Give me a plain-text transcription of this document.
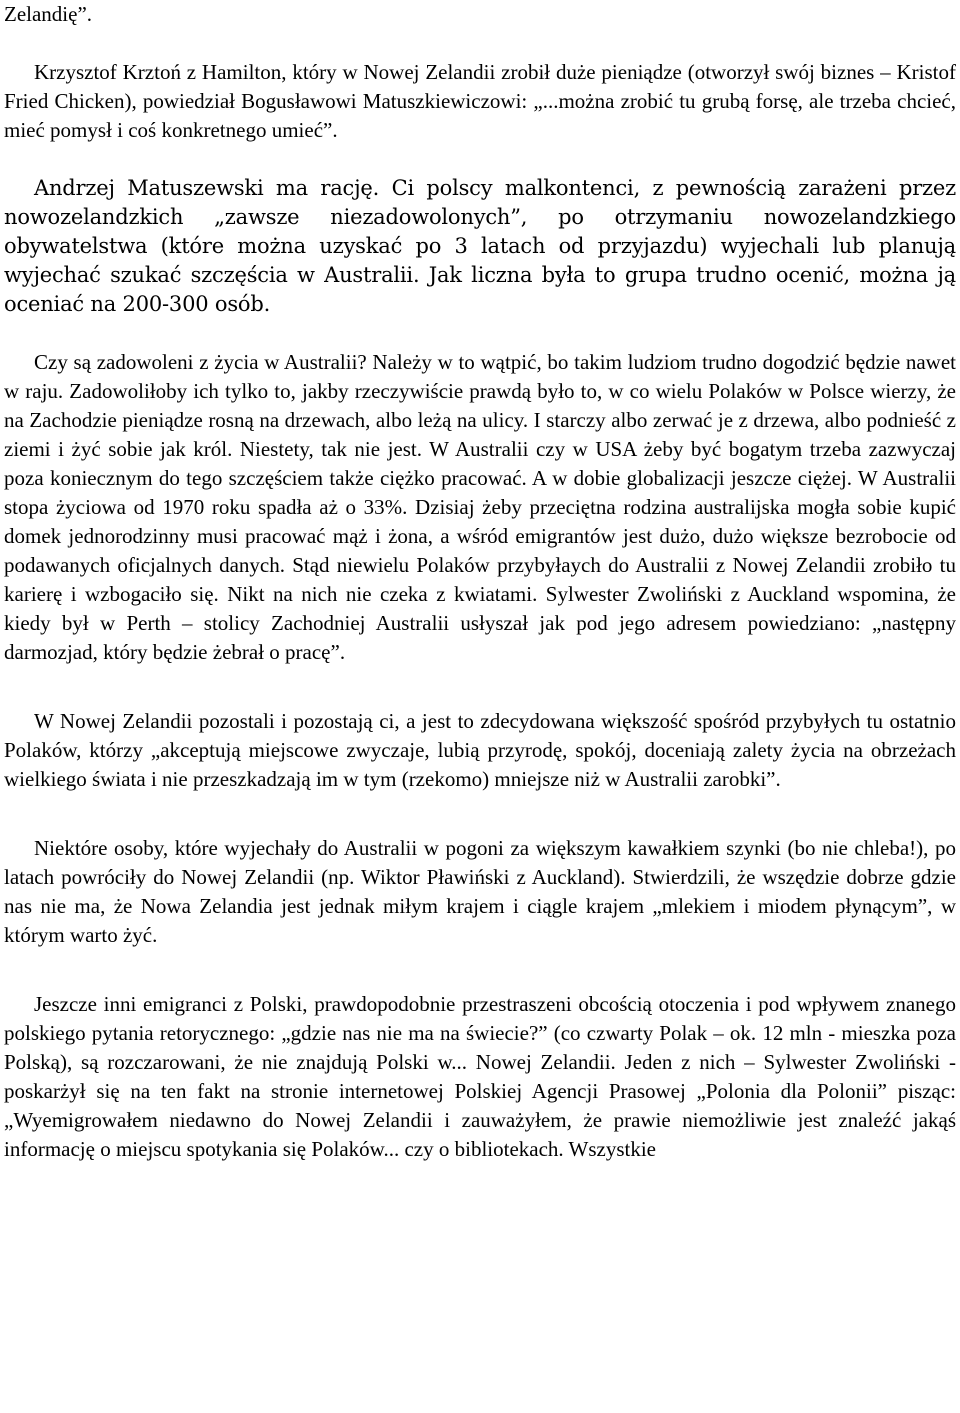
Zelandię”.

Krzysztof Krztoń z Hamilton, który w Nowej Zelandii zrobił duże pieniądze (otworzył swój biznes – Kristof Fried Chicken), powiedział Bogusławowi Matuszkiewiczowi: „...można zrobić tu grubą forsę, ale trzeba chcieć, mieć pomysł i coś konkretnego umieć”.

Andrzej Matuszewski ma rację. Ci polscy malkontenci, z pewnością zarażeni przez nowozelandzkich „zawsze niezadowolonych”, po otrzymaniu nowozelandzkiego obywatelstwa (które można uzyskać po 3 latach od przyjazdu) wyjechali lub planują wyjechać szukać szczęścia w Australii. Jak liczna była to grupa trudno ocenić, można ją oceniać na 200-300 osób.

Czy są zadowoleni z życia w Australii? Należy w to wątpić, bo takim ludziom trudno dogodzić będzie nawet w raju. Zadowoliłoby ich tylko to, jakby rzeczywiście prawdą było to, w co wielu Polaków w Polsce wierzy, że na Zachodzie pieniądze rosną na drzewach, albo leżą na ulicy. I starczy albo zerwać je z drzewa, albo podnieść z ziemi i żyć sobie jak król. Niestety, tak nie jest. W Australii czy w USA żeby być bogatym trzeba zazwyczaj poza koniecznym do tego szczęściem także ciężko pracować. A w dobie globalizacji jeszcze ciężej. W Australii stopa życiowa od 1970 roku spadła aż o 33%. Dzisiaj żeby przeciętna rodzina australijska mogła sobie kupić domek jednorodzinny musi pracować mąż i żona, a wśród emigrantów jest dużo, dużo większe bezrobocie od podawanych oficjalnych danych. Stąd niewielu Polaków przybyłaych do Australii z Nowej Zelandii zrobiło tu karierę i wzbogaciło się. Nikt na nich nie czeka z kwiatami. Sylwester Zwoliński z Auckland wspomina, że kiedy był w Perth – stolicy Zachodniej Australii usłyszał jak pod jego adresem powiedziano: „następny darmozjad, który będzie żebrał o pracę”.

W Nowej Zelandii pozostali i pozostają ci, a jest to zdecydowana większość spośród przybyłych tu ostatnio Polaków, którzy „akceptują miejscowe zwyczaje, lubią przyrodę, spokój, doceniają zalety życia na obrzeżach wielkiego świata i nie przeszkadzają im w tym (rzekomo) mniejsze niż w Australii zarobki”.

Niektóre osoby, które wyjechały do Australii w pogoni za większym kawałkiem szynki (bo nie chleba!), po latach powróciły do Nowej Zelandii (np. Wiktor Pławiński z Auckland). Stwierdzili, że wszędzie dobrze gdzie nas nie ma, że Nowa Zelandia jest jednak miłym krajem i ciągle krajem „mlekiem i miodem płynącym”, w którym warto żyć.

Jeszcze inni emigranci z Polski, prawdopodobnie przestraszeni obcością otoczenia i pod wpływem znanego polskiego pytania retorycznego: „gdzie nas nie ma na świecie?” (co czwarty Polak – ok. 12 mln - mieszka poza Polską), są rozczarowani, że nie znajdują Polski w... Nowej Zelandii. Jeden z nich – Sylwester Zwoliński - poskarżył się na ten fakt na stronie internetowej Polskiej Agencji Prasowej „Polonia dla Polonii” pisząc: „Wyemigrowałem niedawno do Nowej Zelandii i zauważyłem, że prawie niemożliwie jest znaleźć jakąś informację o miejscu spotykania się Polaków... czy o bibliotekach. Wszystkie
